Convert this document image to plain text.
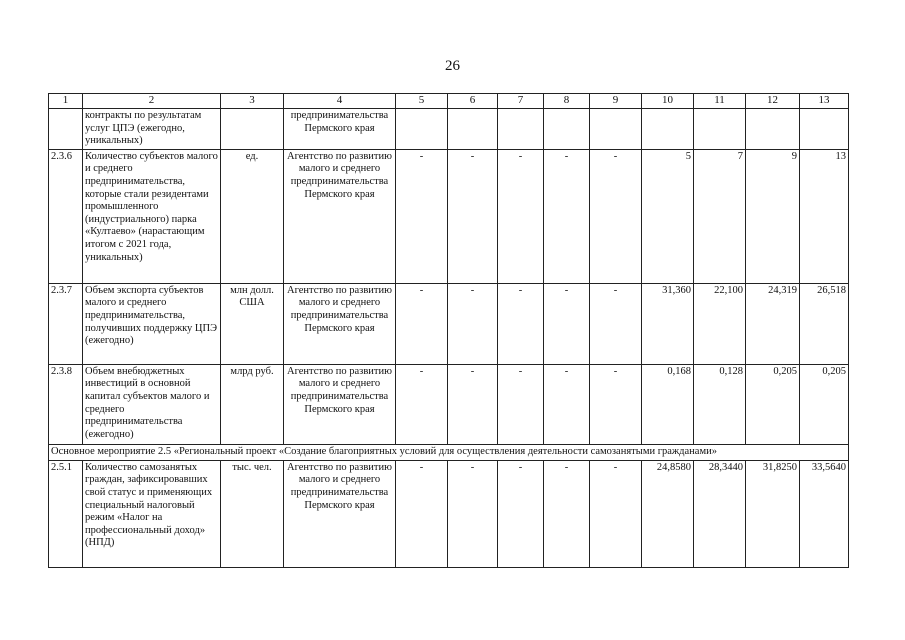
26
1	2	3	4	5	6	7	8	9	10	11	12	13
	контракты по результатам услуг ЦПЭ (ежегодно, уникальных)		предпринимательства Пермского края									
2.3.6	Количество субъектов малого и среднего предпринимательства, которые стали резидентами промышленного (индустриального) парка «Култаево» (нарастающим итогом с 2021 года, уникальных)	ед.	Агентство по развитию малого и среднего предпринимательства Пермского края	-	-	-	-	-	5	7	9	13
2.3.7	Объем экспорта субъектов малого и среднего предпринимательства, получивших поддержку ЦПЭ (ежегодно)	млн долл. США	Агентство по развитию малого и среднего предпринимательства Пермского края	-	-	-	-	-	31,360	22,100	24,319	26,518
2.3.8	Объем внебюджетных инвестиций в основной капитал субъектов малого и среднего предпринимательства (ежегодно)	млрд руб.	Агентство по развитию малого и среднего предпринимательства Пермского края	-	-	-	-	-	0,168	0,128	0,205	0,205
Основное мероприятие 2.5 «Региональный проект «Создание благоприятных условий для осуществления деятельности самозанятыми гражданами»												
2.5.1	Количество самозанятых граждан, зафиксировавших свой статус и применяющих специальный налоговый режим «Налог на профессиональный доход» (НПД)	тыс. чел.	Агентство по развитию малого и среднего предпринимательства Пермского края	-	-	-	-	-	24,8580	28,3440	31,8250	33,5640
